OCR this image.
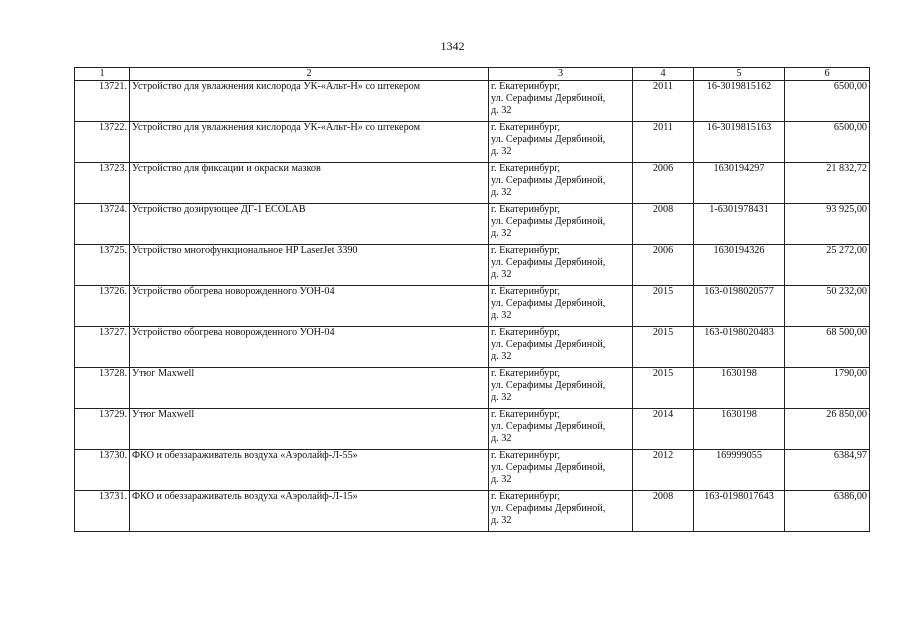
1342
1	2	3	4	5	6
13721.	Устройство для увлажнения кислорода УК-«Альт-Н» со штекером	г. Екатеринбург,
ул. Серафимы Дерябиной,
д. 32	2011	16-3019815162	6500,00
13722.	Устройство для увлажнения кислорода УК-«Альт-Н» со штекером	г. Екатеринбург,
ул. Серафимы Дерябиной,
д. 32	2011	16-3019815163	6500,00
13723.	Устройство для фиксации и окраски мазков	г. Екатеринбург,
ул. Серафимы Дерябиной,
д. 32	2006	1630194297	21 832,72
13724.	Устройство дозирующее ДГ-1 ECOLAB	г. Екатеринбург,
ул. Серафимы Дерябиной,
д. 32	2008	1-6301978431	93 925,00
13725.	Устройство многофункциональное HP LaserJet 3390	г. Екатеринбург,
ул. Серафимы Дерябиной,
д. 32	2006	1630194326	25 272,00
13726.	Устройство обогрева новорожденного УОН-04	г. Екатеринбург,
ул. Серафимы Дерябиной,
д. 32	2015	163-0198020577	50 232,00
13727.	Устройство обогрева новорожденного УОН-04	г. Екатеринбург,
ул. Серафимы Дерябиной,
д. 32	2015	163-0198020483	68 500,00
13728.	Утюг Maxwell	г. Екатеринбург,
ул. Серафимы Дерябиной,
д. 32	2015	1630198	1790,00
13729.	Утюг Maxwell	г. Екатеринбург,
ул. Серафимы Дерябиной,
д. 32	2014	1630198	26 850,00
13730.	ФКО и обеззараживатель воздуха «Аэролайф-Л-55»	г. Екатеринбург,
ул. Серафимы Дерябиной,
д. 32	2012	169999055	6384,97
13731.	ФКО и обеззараживатель воздуха «Аэролайф-Л-15»	г. Екатеринбург,
ул. Серафимы Дерябиной,
д. 32	2008	163-0198017643	6386,00
